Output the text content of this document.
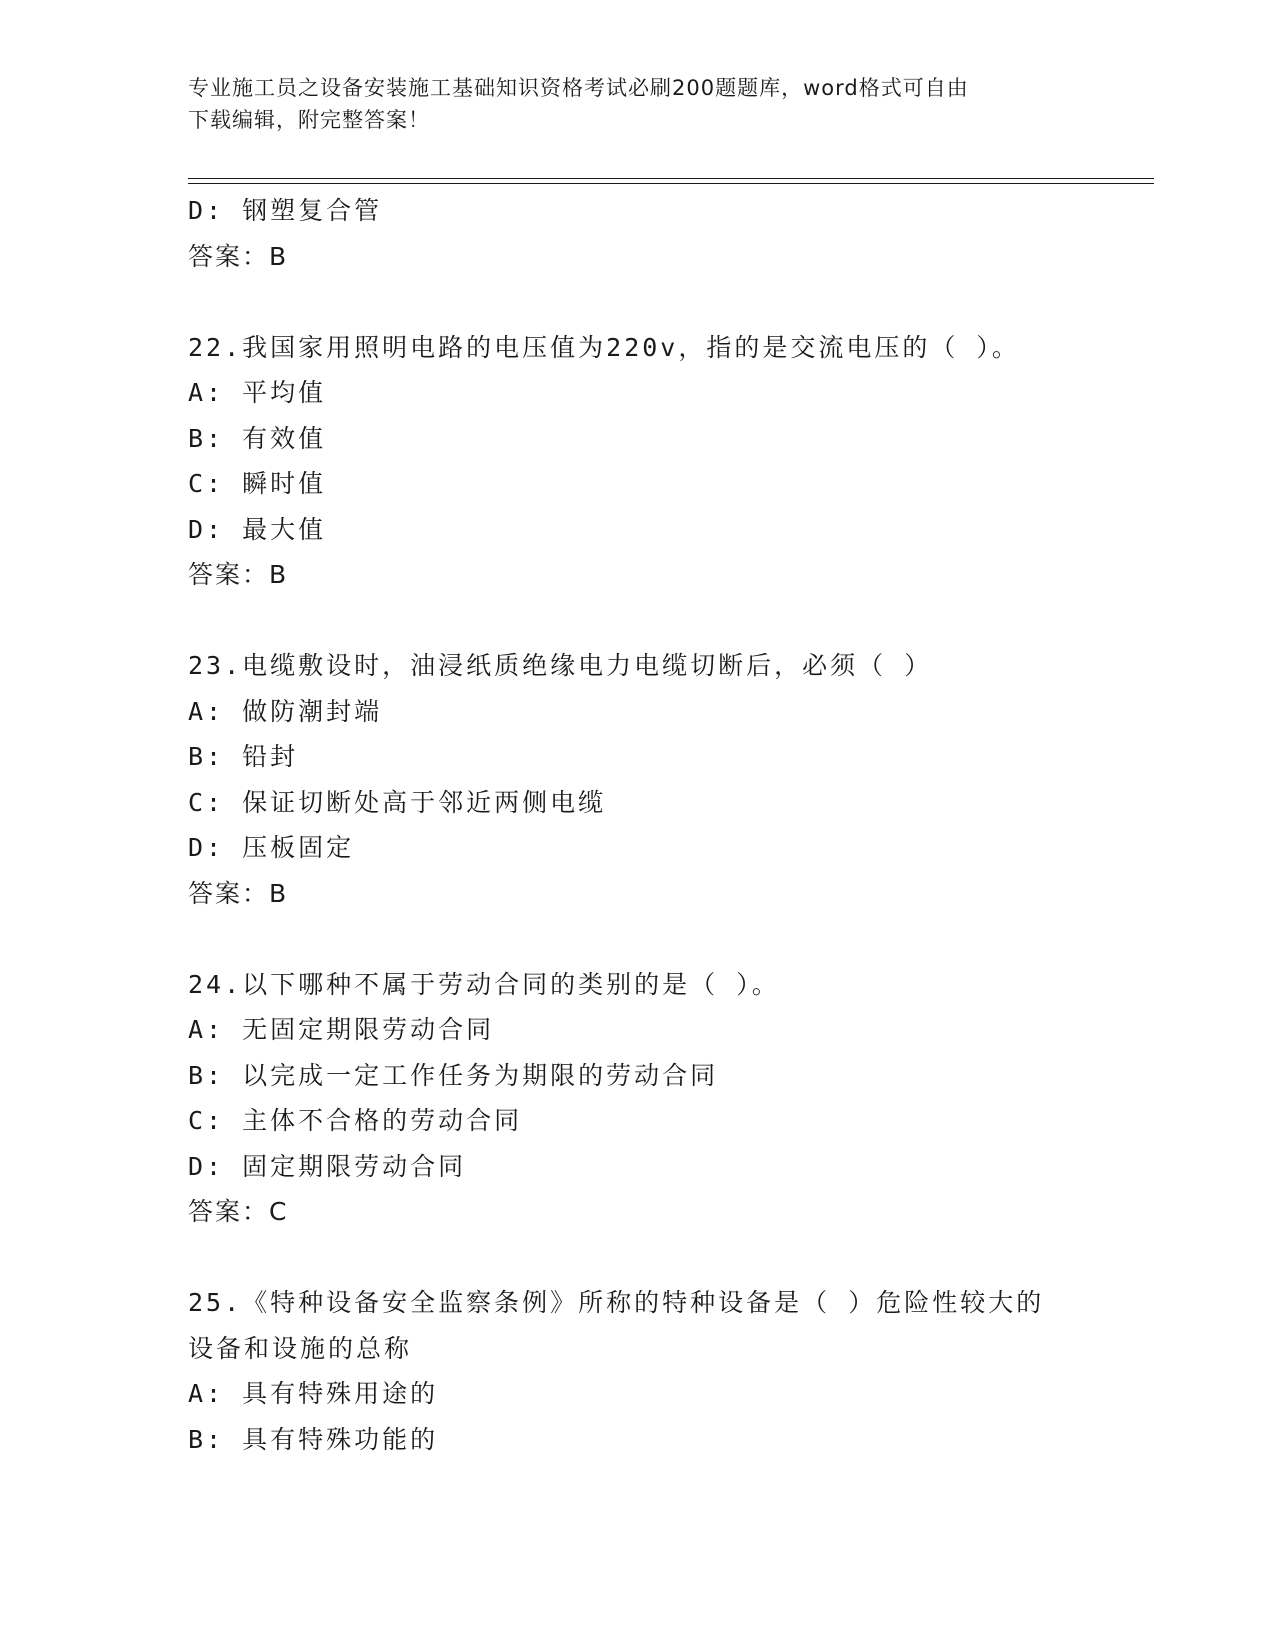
专业施工员之设备安装施工基础知识资格考试必刷200题题库，word格式可自由
下载编辑，附完整答案！
D: 钢塑复合管
答案：B
22.我国家用照明电路的电压值为220v，指的是交流电压的（ ）。
A: 平均值
B: 有效值
C: 瞬时值
D: 最大值
答案：B
23.电缆敷设时，油浸纸质绝缘电力电缆切断后，必须（ ）
A: 做防潮封端
B: 铅封
C: 保证切断处高于邻近两侧电缆
D: 压板固定
答案：B
24.以下哪种不属于劳动合同的类别的是（ ）。
A: 无固定期限劳动合同
B: 以完成一定工作任务为期限的劳动合同
C: 主体不合格的劳动合同
D: 固定期限劳动合同
答案：C
25.《特种设备安全监察条例》所称的特种设备是（ ）危险性较大的
设备和设施的总称
A: 具有特殊用途的
B: 具有特殊功能的
